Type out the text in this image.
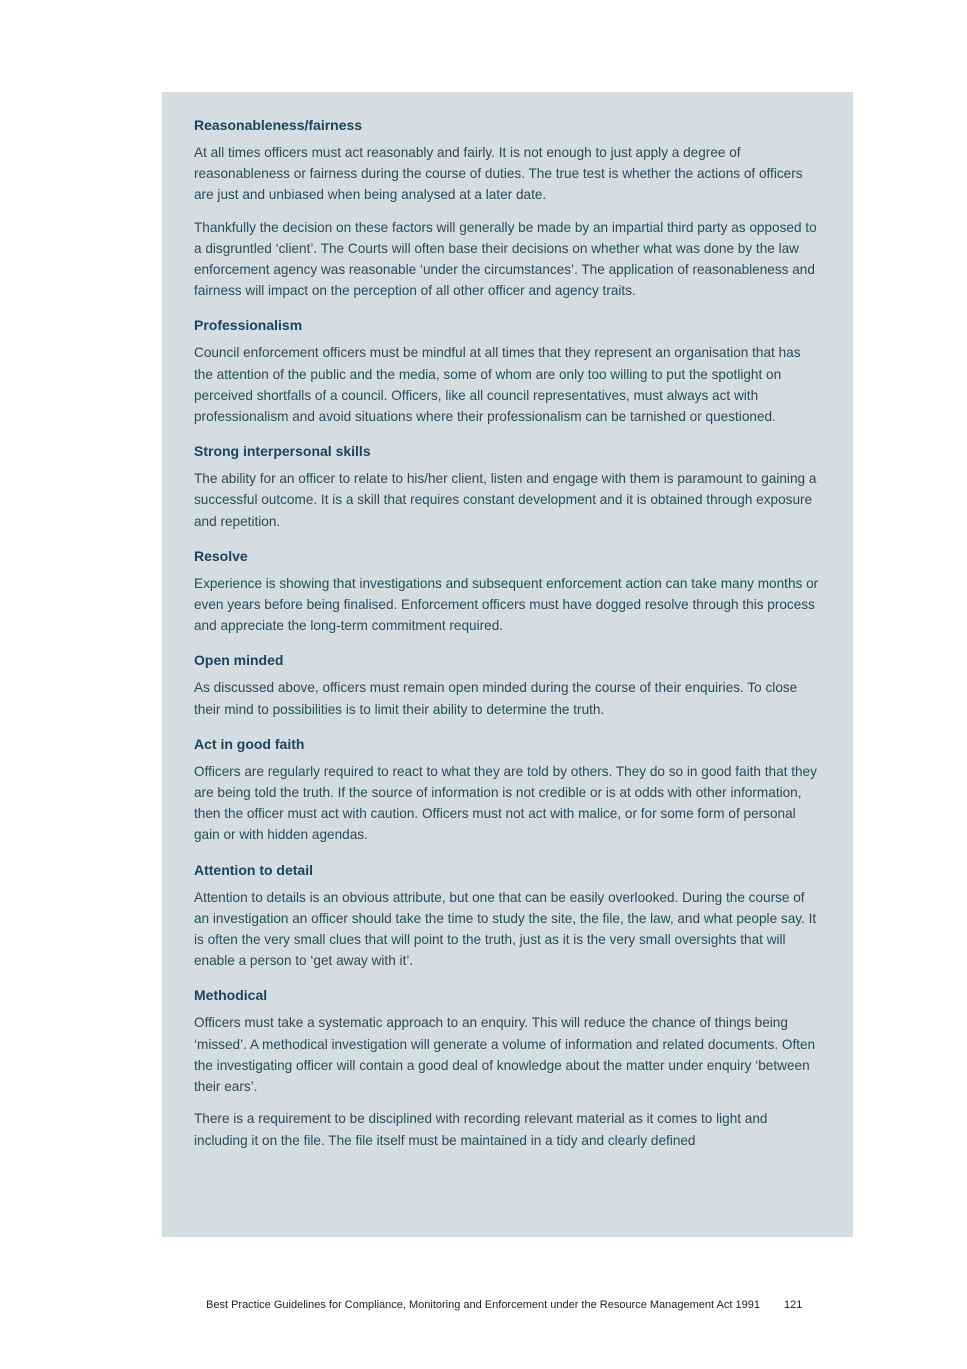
Reasonableness/fairness

At all times officers must act reasonably and fairly. It is not enough to just apply a degree of reasonableness or fairness during the course of duties. The true test is whether the actions of officers are just and unbiased when being analysed at a later date.

Thankfully the decision on these factors will generally be made by an impartial third party as opposed to a disgruntled ‘client’. The Courts will often base their decisions on whether what was done by the law enforcement agency was reasonable ‘under the circumstances’. The application of reasonableness and fairness will impact on the perception of all other officer and agency traits.

Professionalism

Council enforcement officers must be mindful at all times that they represent an organisation that has the attention of the public and the media, some of whom are only too willing to put the spotlight on perceived shortfalls of a council. Officers, like all council representatives, must always act with professionalism and avoid situations where their professionalism can be tarnished or questioned.

Strong interpersonal skills

The ability for an officer to relate to his/her client, listen and engage with them is paramount to gaining a successful outcome. It is a skill that requires constant development and it is obtained through exposure and repetition.

Resolve

Experience is showing that investigations and subsequent enforcement action can take many months or even years before being finalised. Enforcement officers must have dogged resolve through this process and appreciate the long-term commitment required.

Open minded

As discussed above, officers must remain open minded during the course of their enquiries. To close their mind to possibilities is to limit their ability to determine the truth.

Act in good faith

Officers are regularly required to react to what they are told by others. They do so in good faith that they are being told the truth. If the source of information is not credible or is at odds with other information, then the officer must act with caution. Officers must not act with malice, or for some form of personal gain or with hidden agendas.

Attention to detail

Attention to details is an obvious attribute, but one that can be easily overlooked. During the course of an investigation an officer should take the time to study the site, the file, the law, and what people say. It is often the very small clues that will point to the truth, just as it is the very small oversights that will enable a person to ‘get away with it’.

Methodical

Officers must take a systematic approach to an enquiry. This will reduce the chance of things being ‘missed’. A methodical investigation will generate a volume of information and related documents. Often the investigating officer will contain a good deal of knowledge about the matter under enquiry ‘between their ears’.

There is a requirement to be disciplined with recording relevant material as it comes to light and including it on the file. The file itself must be maintained in a tidy and clearly defined

Best Practice Guidelines for Compliance, Monitoring and Enforcement under the Resource Management Act 1991 121
